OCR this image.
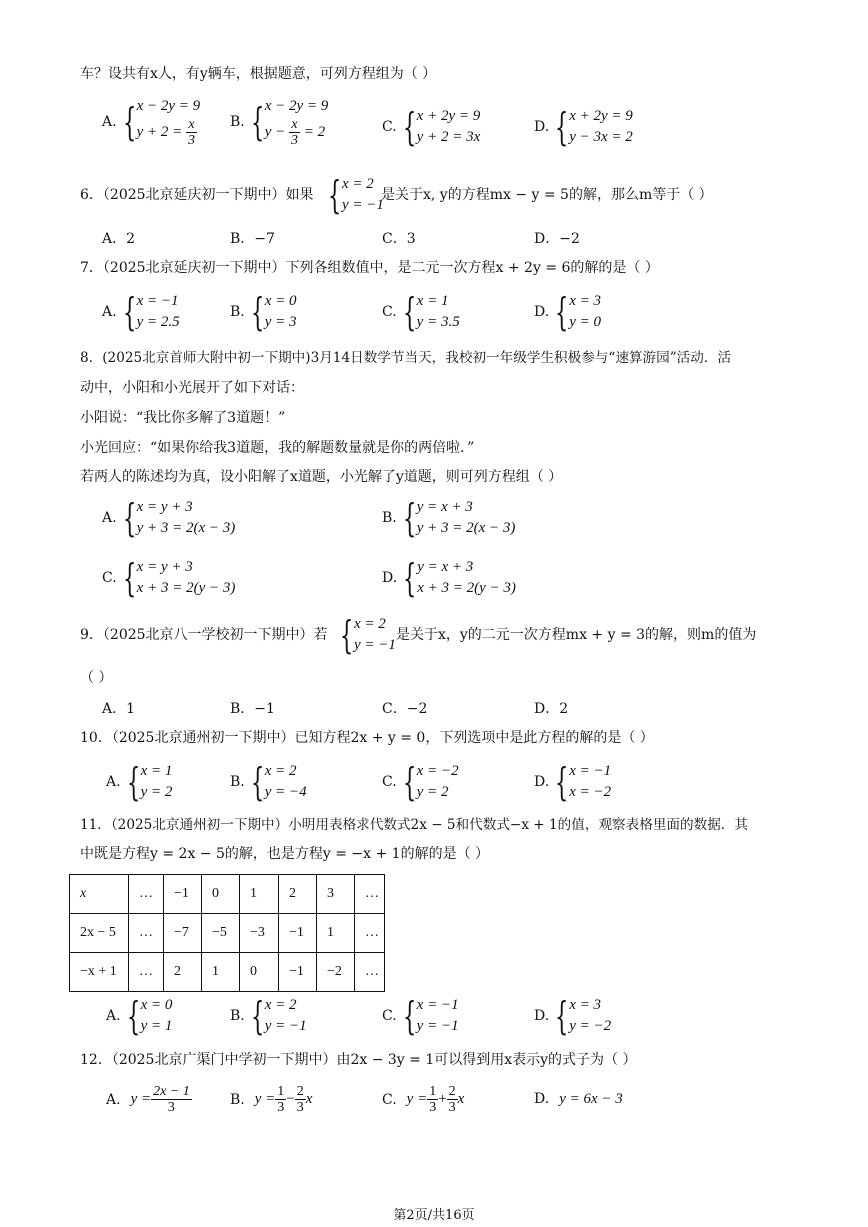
车？设共有x人，有y辆车，根据题意，可列方程组为（ ）
A. { x − 2y = 9
$y + 2 = \frac{x}{3} B$. { x − 2y = 9
$y - \frac{x}{3} = 2$	C. { x + 2y = 9
y + 2 = 3x
D. { x + 2y = 9
y − 3x = 2
6．（2025北京延庆初一下期中）如果 { x = 2
y = −1
是关于x, y的方程mx − y = 5的解，那么m等于（ ）
A．2	B．−7	C．3	D．−2
7．（2025北京延庆初一下期中）下列各组数值中，是二元一次方程x + 2y = 6的解的是（ ）
A. { x = −1
y = 2.5
B. { x = 0
y = 3
C. { x = 1
y = 3.5
D. { x = 3
y = 0
8．(2025北京首师大附中初一下期中)3月14日数学节当天，我校初一年级学生积极参与“速算游园”活动．活
动中，小阳和小光展开了如下对话：
小阳说：“我比你多解了3道题！”
小光回应：“如果你给我3道题，我的解题数量就是你的两倍啦．”
若两人的陈述均为真，设小阳解了x道题，小光解了y道题，则可列方程组（ ）
A. { x = y + 3
y + 3 = 2(x − 3)
B. { y = x + 3
y + 3 = 2(x − 3)
C. { x = y + 3
x + 3 = 2(y − 3)
D. { y = x + 3
x + 3 = 2(y − 3)
9．（2025北京八一学校初一下期中）若 { x = 2
y = −1
是关于x，y的二元一次方程mx + y = 3的解，则m的值为
（ ）
A．1	B．−1	C．−2	D．2
10．（2025北京通州初一下期中）已知方程2x + y = 0，下列选项中是此方程的解的是（ ）
A. { x = 1
y = 2
B. { x = 2
y = −4
C. { x = −2
y = 2
D. { x = −1
x = −2
11．（2025北京通州初一下期中）小明用表格求代数式2x − 5和代数式−x + 1的值，观察表格里面的数据．其
中既是方程y = 2x − 5的解，也是方程y = −x + 1的解的是（ ）
x	…	−1	0	1	2	3	…
2x − 5	…	−7	−5	−3	−1	1	…
−x + 1	…	2	1	0	−1	−2	…
A. { x = 0
y = 1
B. { x = 2
y = −1
C. { x = −1
y = −1
D. { x = 3
y = −2
12．（2025北京广渠门中学初一下期中）由2x − 3y = 1可以得到用x表示y的式子为（ ）
A. $y = \frac{2x - 1}{3}$	B. $y = \frac{1}{3} - \frac{2}{3}$ x	C. $y = \frac{1}{3} + \frac{2}{3}$ x	D. y = 6x − 3
第2页/共16页
